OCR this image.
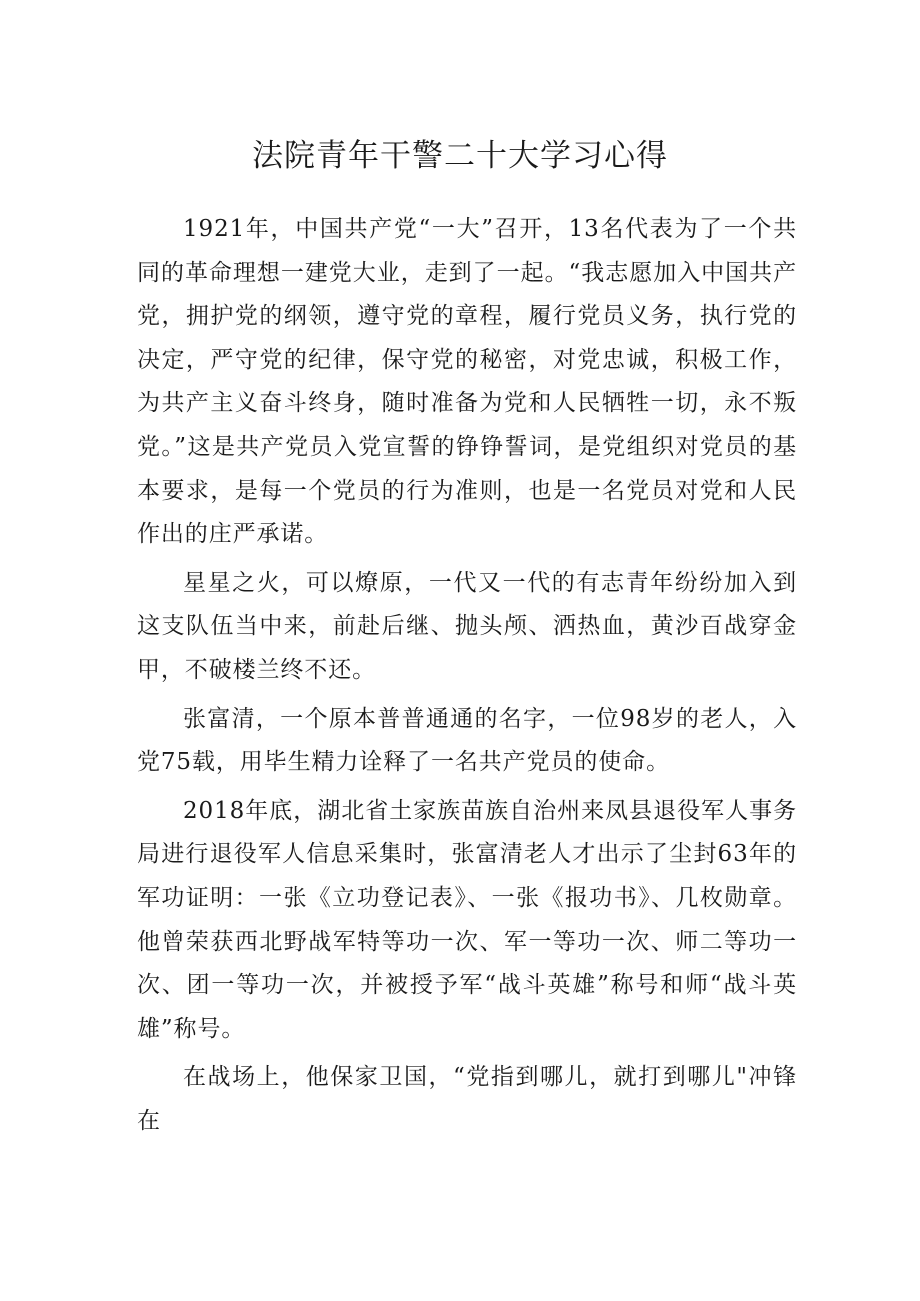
法院青年干警二十大学习心得

1921年，中国共产党“一大”召开，13名代表为了一个共同的革命理想一建党大业，走到了一起。“我志愿加入中国共产党，拥护党的纲领，遵守党的章程，履行党员义务，执行党的决定，严守党的纪律，保守党的秘密，对党忠诚，积极工作，为共产主义奋斗终身，随时准备为党和人民牺牲一切，永不叛党。”这是共产党员入党宣誓的铮铮誓词，是党组织对党员的基本要求，是每一个党员的行为准则，也是一名党员对党和人民作出的庄严承诺。

星星之火，可以燎原，一代又一代的有志青年纷纷加入到这支队伍当中来，前赴后继、抛头颅、洒热血，黄沙百战穿金甲，不破楼兰终不还。

张富清，一个原本普普通通的名字，一位98岁的老人，入党75载，用毕生精力诠释了一名共产党员的使命。

2018年底，湖北省土家族苗族自治州来凤县退役军人事务局进行退役军人信息采集时，张富清老人才出示了尘封63年的军功证明：一张《立功登记表》、一张《报功书》、几枚勋章。他曾荣获西北野战军特等功一次、军一等功一次、师二等功一次、团一等功一次，并被授予军“战斗英雄”称号和师“战斗英雄”称号。

在战场上，他保家卫国，“党指到哪儿，就打到哪儿"冲锋在
